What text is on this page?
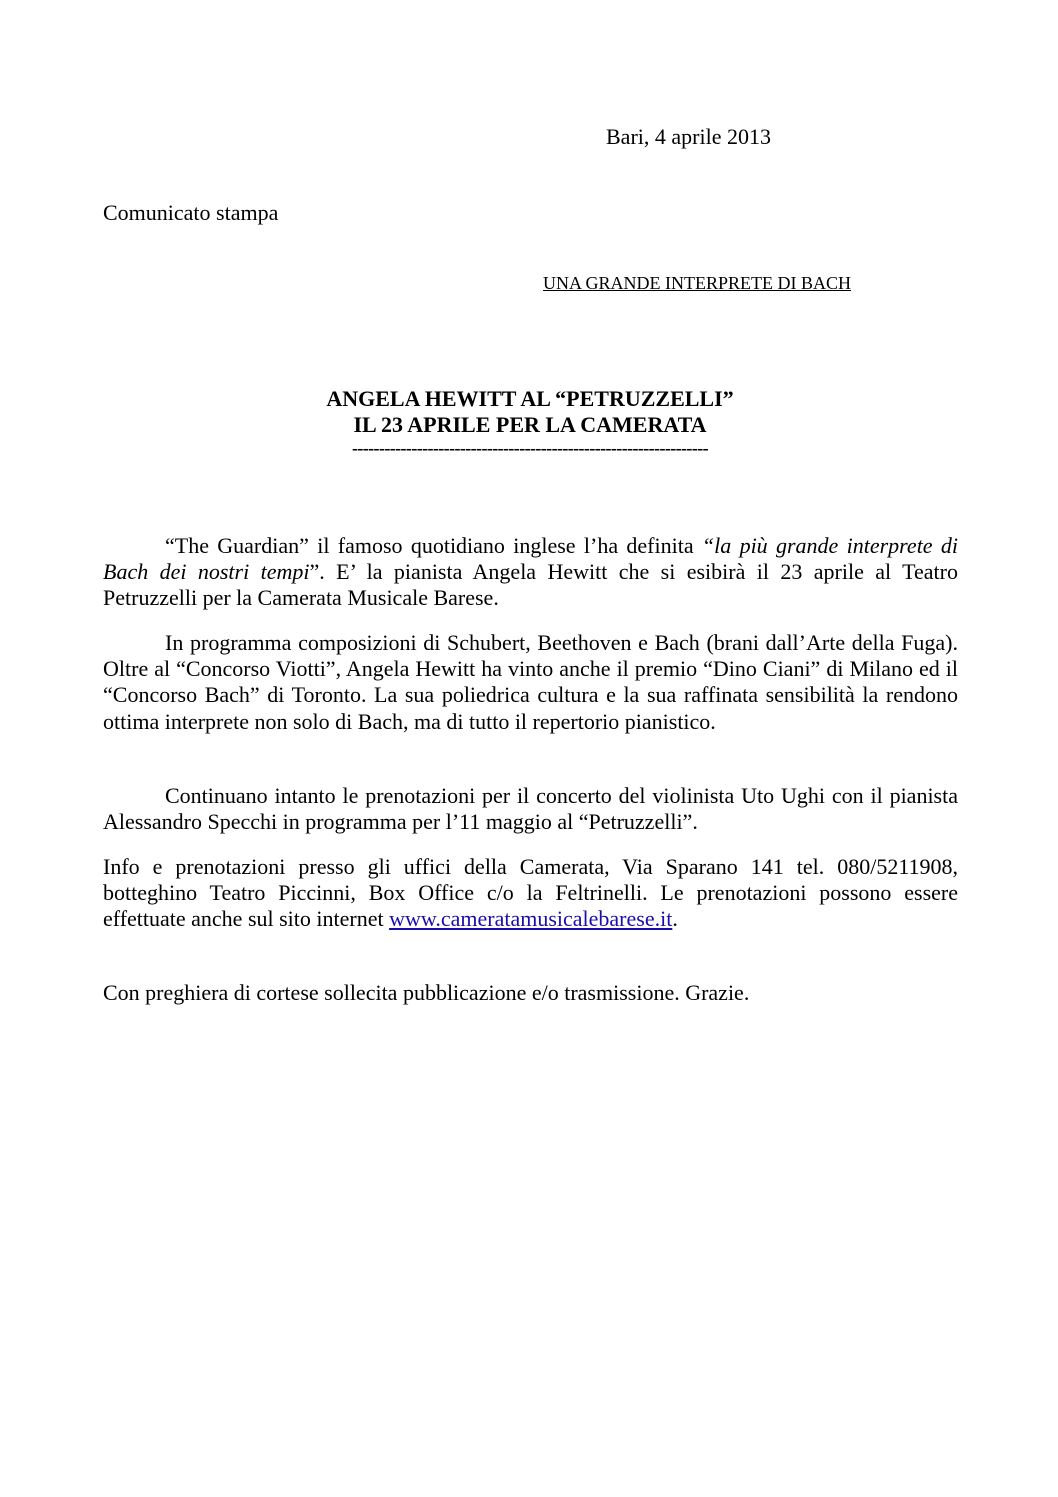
Bari, 4 aprile 2013
Comunicato stampa
UNA GRANDE INTERPRETE DI BACH
ANGELA HEWITT AL “PETRUZZELLI”
IL 23 APRILE PER LA CAMERATA
------------------------------------------------------------------

“The Guardian” il famoso quotidiano inglese l’ha definita “la più grande interprete di Bach dei nostri tempi”. E’ la pianista Angela Hewitt che si esibirà il 23 aprile al Teatro Petruzzelli per la Camerata Musicale Barese.

In programma composizioni di Schubert, Beethoven e Bach (brani dall’Arte della Fuga). Oltre al “Concorso Viotti”, Angela Hewitt ha vinto anche il premio “Dino Ciani” di Milano ed il “Concorso Bach” di Toronto. La sua poliedrica cultura e la sua raffinata sensibilità la rendono ottima interprete non solo di Bach, ma di tutto il repertorio pianistico.

Continuano intanto le prenotazioni per il concerto del violinista Uto Ughi con il pianista Alessandro Specchi in programma per l’11 maggio al “Petruzzelli”.

Info e prenotazioni presso gli uffici della Camerata, Via Sparano 141 tel. 080/5211908, botteghino Teatro Piccinni, Box Office c/o la Feltrinelli. Le prenotazioni possono essere effettuate anche sul sito internet www.cameratamusicalebarese.it.

Con preghiera di cortese sollecita pubblicazione e/o trasmissione. Grazie.
